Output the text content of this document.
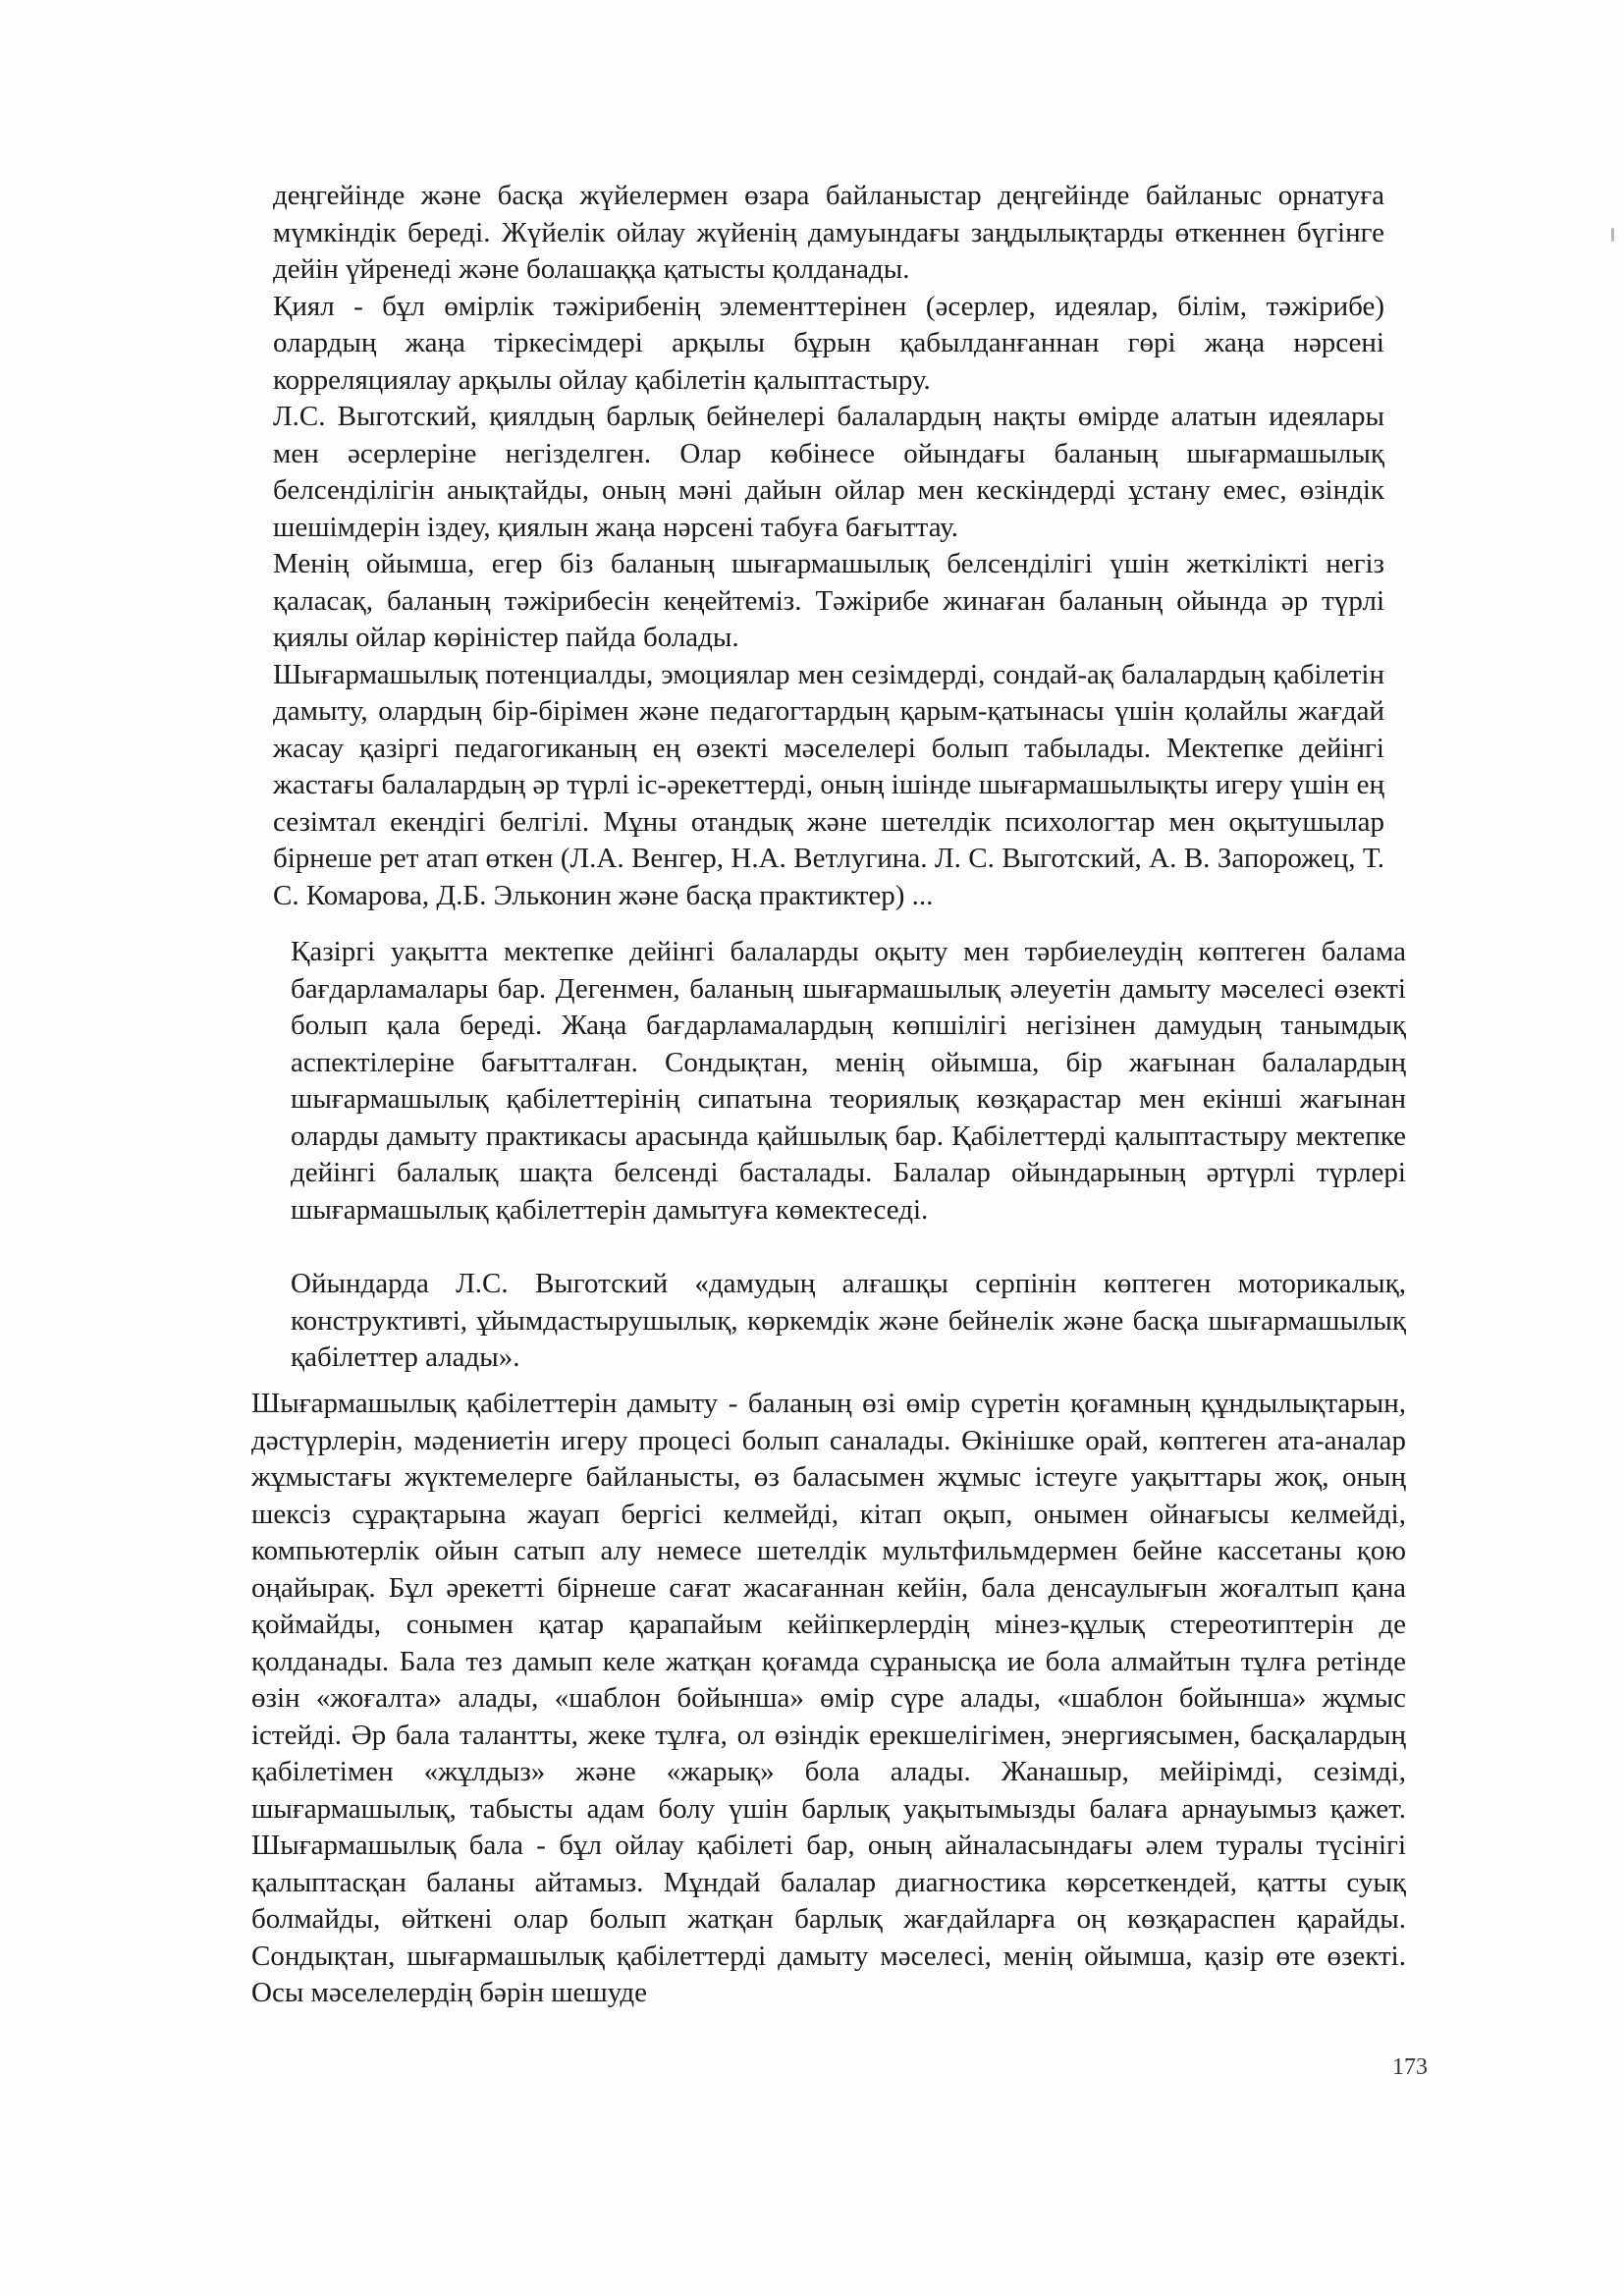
деңгейінде және басқа жүйелермен өзара байланыстар деңгейінде байланыс орнатуға мүмкіндік береді. Жүйелік ойлау жүйенің дамуындағы заңдылықтарды өткеннен бүгінге дейін үйренеді және болашаққа қатысты қолданады.

Қиял - бұл өмірлік тәжірибенің элементтерінен (әсерлер, идеялар, білім, тәжірибе) олардың жаңа тіркесімдері арқылы бұрын қабылданғаннан гөрі жаңа нәрсені корреляциялау арқылы ойлау қабілетін қалыптастыру.

Л.С. Выготский, қиялдың барлық бейнелері балалардың нақты өмірде алатын идеялары мен әсерлеріне негізделген. Олар көбінесе ойындағы баланың шығармашылық белсенділігін анықтайды, оның мәні дайын ойлар мен кескіндерді ұстану емес, өзіндік шешімдерін іздеу, қиялын жаңа нәрсені табуға бағыттау.

Менің ойымша, егер біз баланың шығармашылық белсенділігі үшін жеткілікті негіз қаласақ, баланың тәжірибесін кеңейтеміз. Тәжірибе жинаған баланың ойында әр түрлі қиялы ойлар көріністер пайда болады.

Шығармашылық потенциалды, эмоциялар мен сезімдерді, сондай-ақ балалардың қабілетін дамыту, олардың бір-бірімен және педагогтардың қарым-қатынасы үшін қолайлы жағдай жасау қазіргі педагогиканың ең өзекті мәселелері болып табылады. Мектепке дейінгі жастағы балалардың әр түрлі іс-әрекеттерді, оның ішінде шығармашылықты игеру үшін ең сезімтал екендігі белгілі. Мұны отандық және шетелдік психологтар мен оқытушылар бірнеше рет атап өткен (Л.А. Венгер, Н.А. Ветлугина. Л. С. Выготский, А. В. Запорожец, Т. С. Комарова, Д.Б. Эльконин және басқа практиктер) ...

Қазіргі уақытта мектепке дейінгі балаларды оқыту мен тәрбиелеудің көптеген балама бағдарламалары бар. Дегенмен, баланың шығармашылық әлеуетін дамыту мәселесі өзекті болып қала береді. Жаңа бағдарламалардың көпшілігі негізінен дамудың танымдық аспектілеріне бағытталған. Сондықтан, менің ойымша, бір жағынан балалардың шығармашылық қабілеттерінің сипатына теориялық көзқарастар мен екінші жағынан оларды дамыту практикасы арасында қайшылық бар. Қабілеттерді қалыптастыру мектепке дейінгі балалық шақта белсенді басталады. Балалар ойындарының әртүрлі түрлері шығармашылық қабілеттерін дамытуға көмектеседі.

Ойындарда Л.С. Выготский «дамудың алғашқы серпінін көптеген моторикалық, конструктивті, ұйымдастырушылық, көркемдік және бейнелік және басқа шығармашылық қабілеттер алады».

Шығармашылық қабілеттерін дамыту - баланың өзі өмір сүретін қоғамның құндылықтарын, дәстүрлерін, мәдениетін игеру процесі болып саналады. Өкінішке орай, көптеген ата-аналар жұмыстағы жүктемелерге байланысты, өз баласымен жұмыс істеуге уақыттары жоқ, оның шексіз сұрақтарына жауап бергісі келмейді, кітап оқып, онымен ойнағысы келмейді, компьютерлік ойын сатып алу немесе шетелдік мультфильмдермен бейне кассетаны қою оңайырақ. Бұл әрекетті бірнеше сағат жасағаннан кейін, бала денсаулығын жоғалтып қана қоймайды, сонымен қатар қарапайым кейіпкерлердің мінез-құлық стереотиптерін де қолданады. Бала тез дамып келе жатқан қоғамда сұранысқа ие бола алмайтын тұлға ретінде өзін «жоғалта» алады, «шаблон бойынша» өмір сүре алады, «шаблон бойынша» жұмыс істейді. Әр бала талантты, жеке тұлға, ол өзіндік ерекшелігімен, энергиясымен, басқалардың қабілетімен «жұлдыз» және «жарық» бола алады. Жанашыр, мейірімді, сезімді, шығармашылық, табысты адам болу үшін барлық уақытымызды балаға арнауымыз қажет. Шығармашылық бала - бұл ойлау қабілеті бар, оның айналасындағы әлем туралы түсінігі қалыптасқан баланы айтамыз. Мұндай балалар диагностика көрсеткендей, қатты суық болмайды, өйткені олар болып жатқан барлық жағдайларға оң көзқараспен қарайды. Сондықтан, шығармашылық қабілеттерді дамыту мәселесі, менің ойымша, қазір өте өзекті. Осы мәселелердің бәрін шешуде

173
